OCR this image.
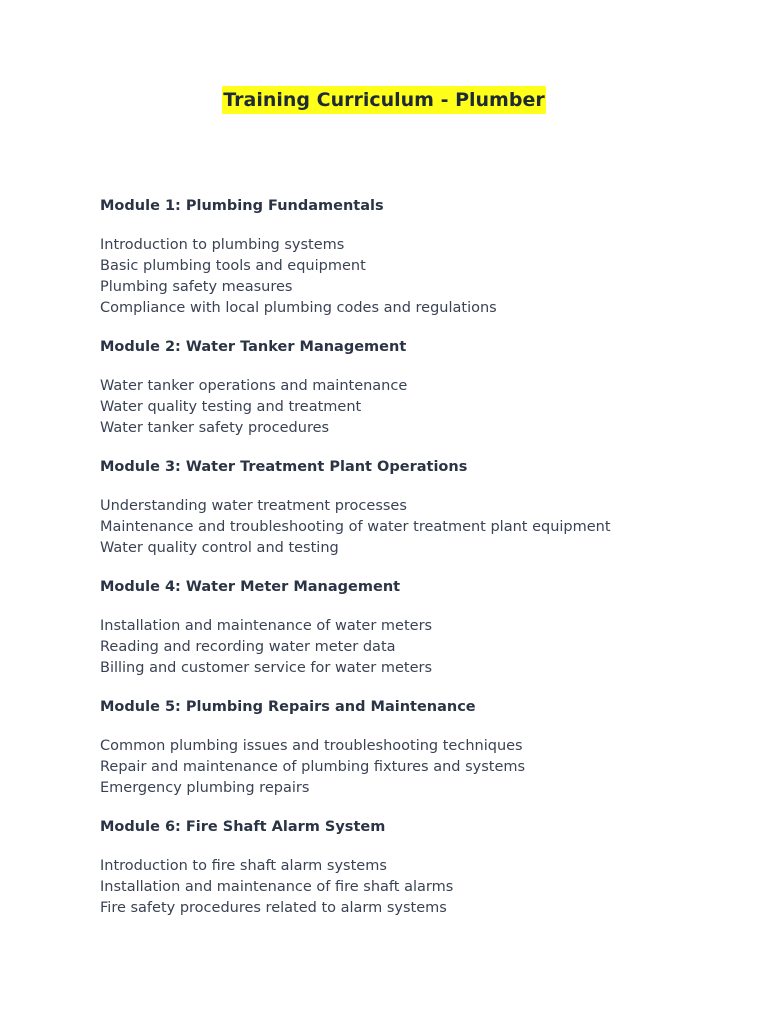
Training Curriculum - Plumber
Module 1: Plumbing Fundamentals
Introduction to plumbing systems
Basic plumbing tools and equipment
Plumbing safety measures
Compliance with local plumbing codes and regulations
Module 2: Water Tanker Management
Water tanker operations and maintenance
Water quality testing and treatment
Water tanker safety procedures
Module 3: Water Treatment Plant Operations
Understanding water treatment processes
Maintenance and troubleshooting of water treatment plant equipment
Water quality control and testing
Module 4: Water Meter Management
Installation and maintenance of water meters
Reading and recording water meter data
Billing and customer service for water meters
Module 5: Plumbing Repairs and Maintenance
Common plumbing issues and troubleshooting techniques
Repair and maintenance of plumbing fixtures and systems
Emergency plumbing repairs
Module 6: Fire Shaft Alarm System
Introduction to fire shaft alarm systems
Installation and maintenance of fire shaft alarms
Fire safety procedures related to alarm systems
